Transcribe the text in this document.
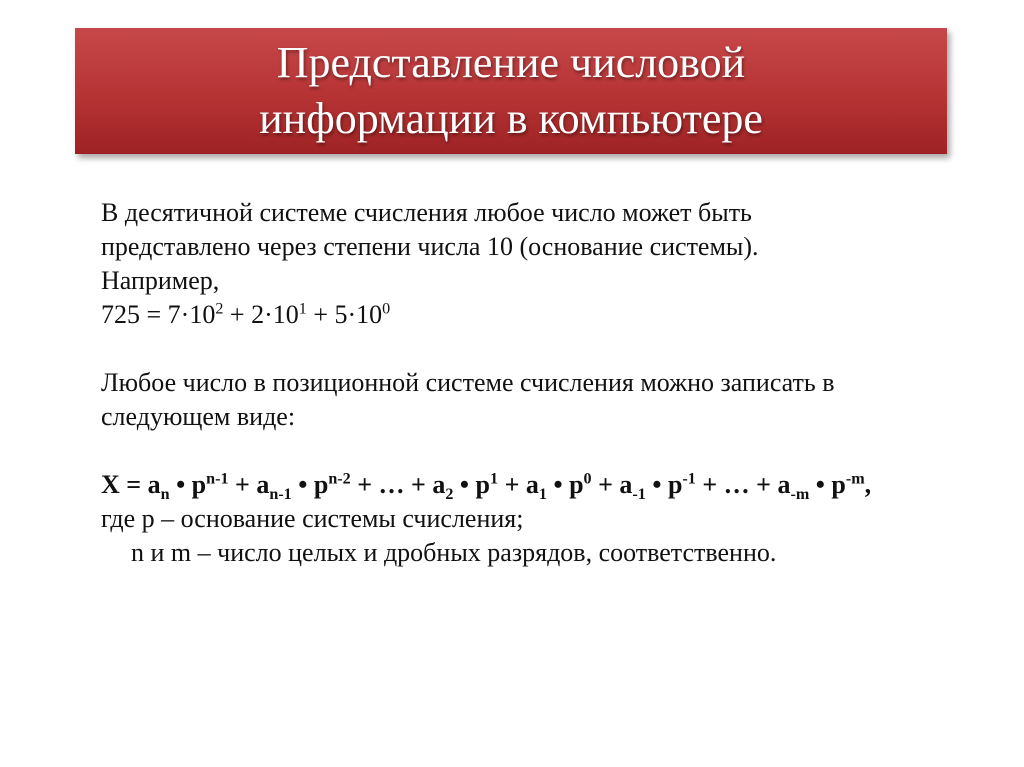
Представление числовой
информации в компьютере
В десятичной системе счисления любое число может быть
представлено через степени числа 10 (основание системы).
Например,
$725 = 7\cdot 10^2 + 2\cdot 10^1 + 5\cdot 10^0$
Любое число в позиционной системе счисления можно записать в
следующем виде:
$X = a_n$ • $p^{n-1} + a_{n-1}$ • $p^{n-2}$ + … + $a_2$ • $p^1 + a_1$ • $p^0 + a_{-1}$ • $p^{-1}$ + … + $a_{-m}$ • $p^{-m}$,
где p – основание системы счисления;
n и m – число целых и дробных разрядов, соответственно.
